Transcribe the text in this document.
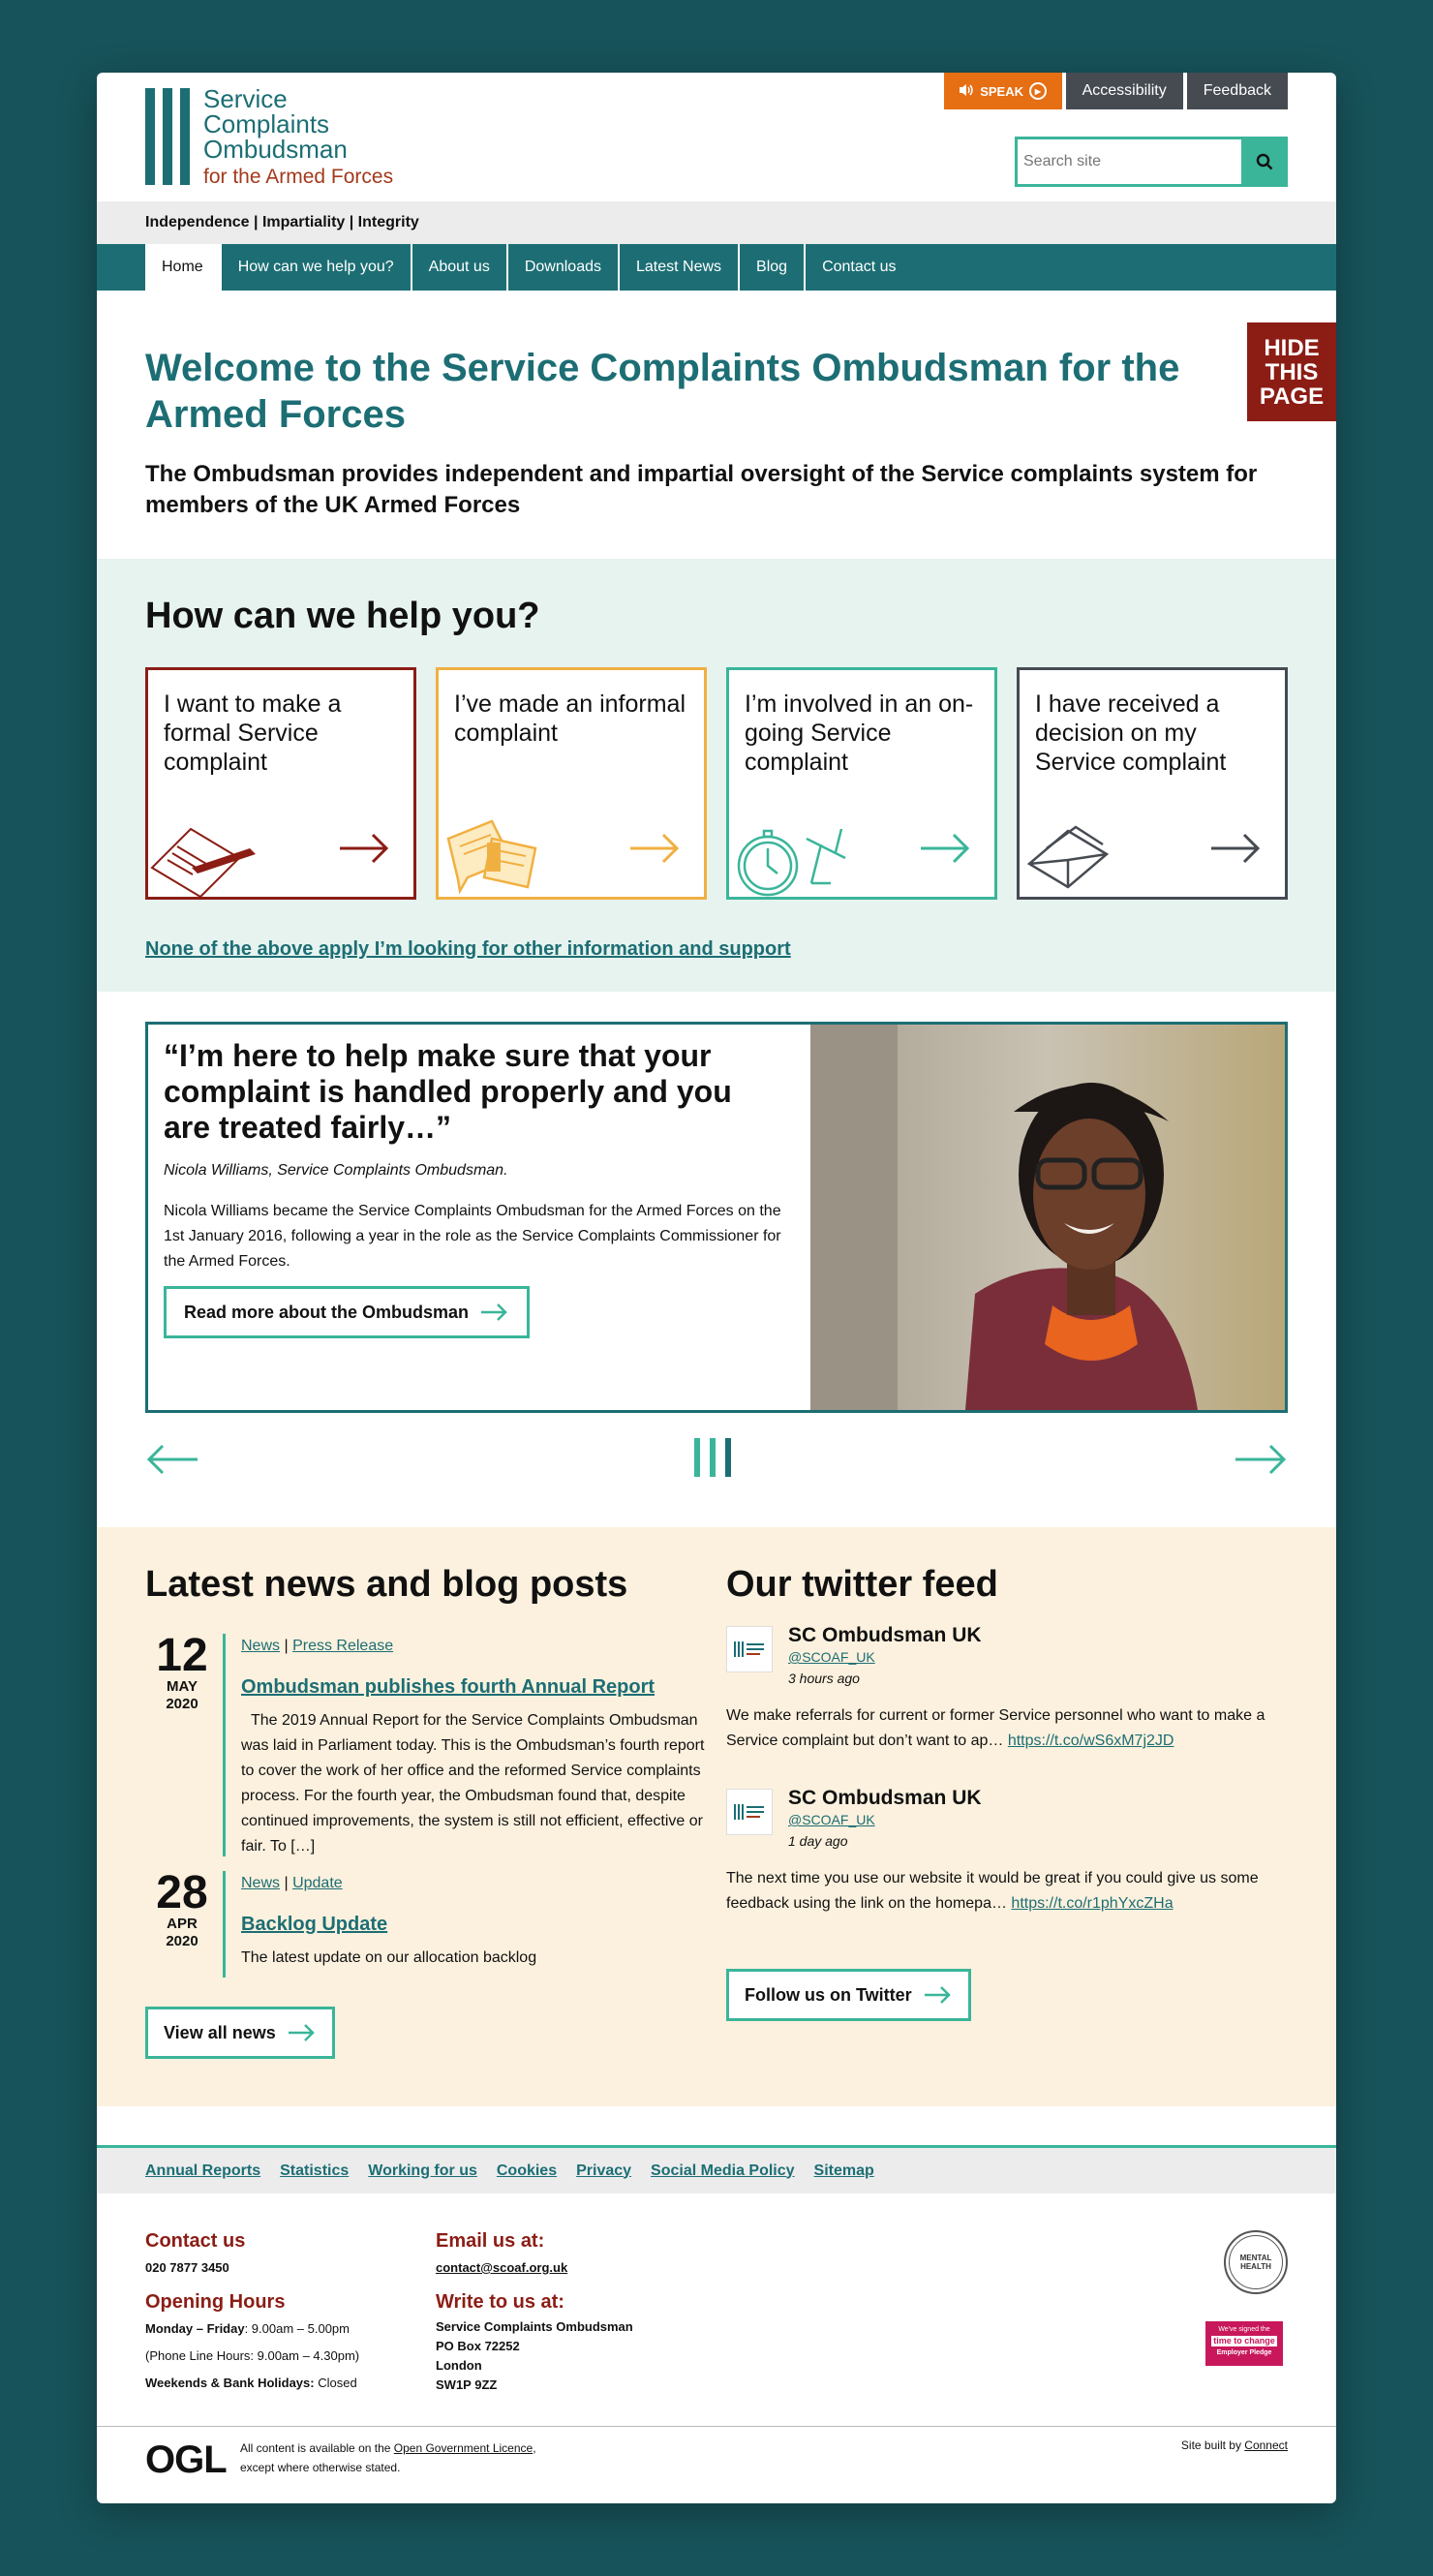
Service
Complaints
Ombudsman
for the Armed Forces
SPEAK	▶	Accessibility	Feedback
Search site
Independence | Impartiality | Integrity
Home	How can we help you?	About us	Downloads	Latest News	Blog	Contact us
HIDE
THIS
PAGE
Welcome to the Service Complaints Ombudsman for the Armed Forces
The Ombudsman provides independent and impartial oversight of the Service complaints system for members of the UK Armed Forces
How can we help you?
I want to make a formal Service complaint
I’ve made an informal complaint
I’m involved in an on-going Service complaint
I have received a decision on my Service complaint
None of the above apply I’m looking for other information and support
“I’m here to help make sure that your complaint is handled properly and you are treated fairly…”
Nicola Williams, Service Complaints Ombudsman.
Nicola Williams became the Service Complaints Ombudsman for the Armed Forces on the 1st January 2016, following a year in the role as the Service Complaints Commissioner for the Armed Forces.
Read more about the Ombudsman
Latest news and blog posts
12
MAY
2020
News | Press Release
Ombudsman publishes fourth Annual Report
The 2019 Annual Report for the Service Complaints Ombudsman was laid in Parliament today. This is the Ombudsman’s fourth report to cover the work of her office and the reformed Service complaints process. For the fourth year, the Ombudsman found that, despite continued improvements, the system is still not efficient, effective or fair. To […]
28
APR
2020
News | Update
Backlog Update
The latest update on our allocation backlog
View all news
Our twitter feed
SC Ombudsman UK
@SCOAF_UK
3 hours ago
We make referrals for current or former Service personnel who want to make a Service complaint but don’t want to ap… https://t.co/wS6xM7j2JD
SC Ombudsman UK
@SCOAF_UK
1 day ago
The next time you use our website it would be great if you could give us some feedback using the link on the homepa… https://t.co/r1phYxcZHa
Follow us on Twitter
Annual Reports Statistics Working for us Cookies Privacy Social Media Policy Sitemap
Contact us
020 7877 3450
Opening Hours
Monday – Friday: 9.00am – 5.00pm
(Phone Line Hours: 9.00am – 4.30pm)
Weekends & Bank Holidays: Closed
Email us at:
contact@scoaf.org.uk
Write to us at:
Service Complaints Ombudsman
PO Box 72252
London
SW1P 9ZZ
MENTAL HEALTH
We've signed the
time to change
Employer Pledge
OGL All content is available on the Open Government Licence, except where otherwise stated.
Site built by Connect
